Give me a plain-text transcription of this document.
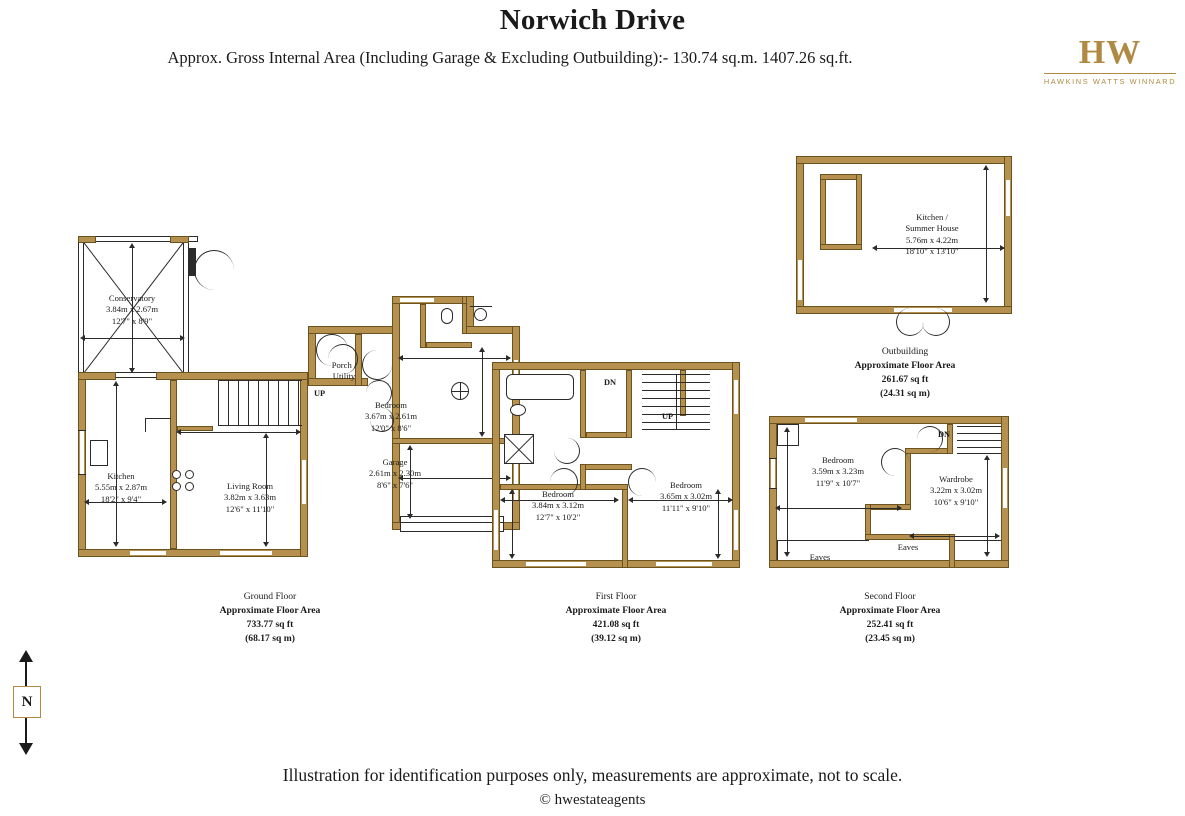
Norwich Drive
Approx. Gross Internal Area (Including Garage & Excluding Outbuilding):- 130.74 sq.m. 1407.26 sq.ft.	HW
HAWKINS WATTS WINNARD
N
UP
Conservatory
3.84m x 2.67m
12'7" x 8'9"
Kitchen
5.55m x 2.87m
18'2" x 9'4"
Living Room
3.82m x 3.63m
12'6" x 11'10"
Bedroom
3.67m x 2.61m
12'0" x 8'6"
Garage
2.61m x 2.30m
8'6" x 7'6"
Porch /
Utility
Ground Floor
Approximate Floor Area
733.77 sq ft
(68.17 sq m)
DN
UP
Bedroom
3.84m x 3.12m
12'7" x 10'2"
Bedroom
3.65m x 3.02m
11'11" x 9'10"
First Floor
Approximate Floor Area
421.08 sq ft
(39.12 sq m)
DN
Bedroom
3.59m x 3.23m
11'9" x 10'7"	Wardrobe
3.22m x 3.02m
10'6" x 9'10"
Eaves
Eaves
Second Floor
Approximate Floor Area
252.41 sq ft
(23.45 sq m)
Kitchen /
Summer House
5.76m x 4.22m
18'10" x 13'10"
Outbuilding
Approximate Floor Area
261.67 sq ft
(24.31 sq m)
Illustration for identification purposes only, measurements are approximate, not to scale.
© hwestateagents
